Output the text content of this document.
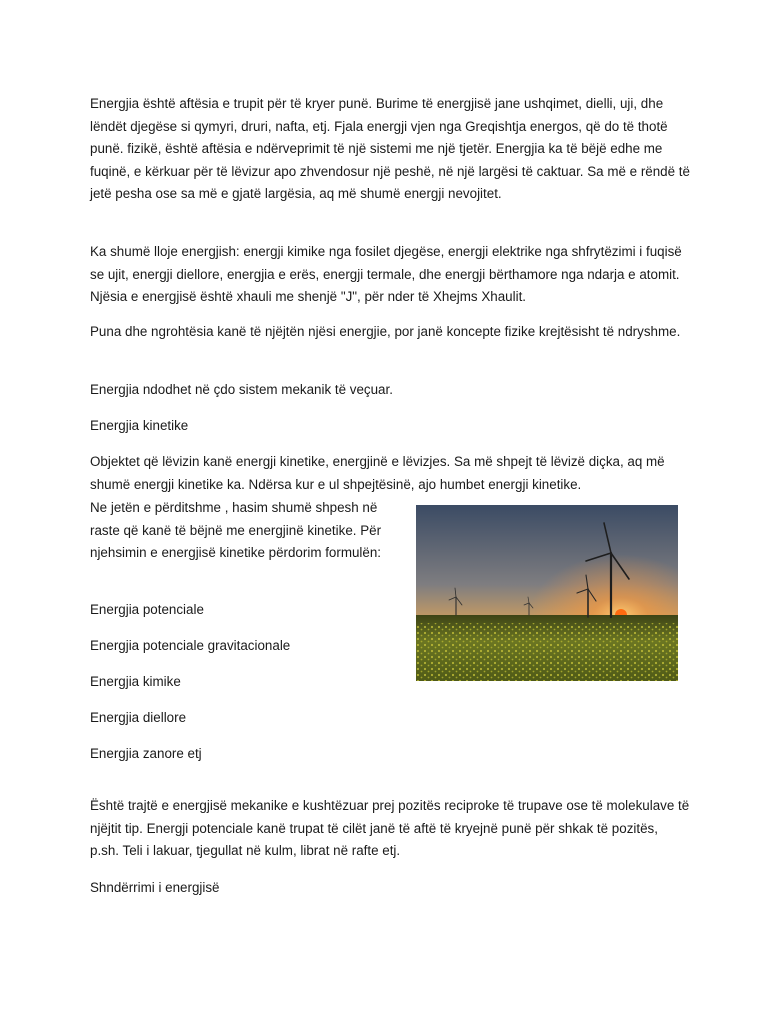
Energjia është aftësia e trupit për të kryer punë. Burime të energjisë jane ushqimet, dielli, uji, dhe lëndët djegëse si qymyri, druri, nafta, etj. Fjala energji vjen nga Greqishtja energos, që do të thotë punë. fizikë, është aftësia e ndërveprimit të një sistemi me një tjetër. Energjia ka të bëjë edhe me fuqinë, e kërkuar për të lëvizur apo zhvendosur një peshë, në një largësi të caktuar. Sa më e rëndë të jetë pesha ose sa më e gjatë largësia, aq më shumë energji nevojitet.

Ka shumë lloje energjish: energji kimike nga fosilet djegëse, energji elektrike nga shfrytëzimi i fuqisë se ujit, energji diellore, energjia e erës, energji termale, dhe energji bërthamore nga ndarja e atomit. Njësia e energjisë është xhauli me shenjë "J", për nder të Xhejms Xhaulit.

Puna dhe ngrohtësia kanë të njëjtën njësi energjie, por janë koncepte fizike krejtësisht të ndryshme.

Energjia ndodhet në çdo sistem mekanik të veçuar.

Energjia kinetike

Objektet që lëvizin kanë energji kinetike, energjinë e lëvizjes. Sa më shpejt të lëvizë diçka, aq më shumë energji kinetike ka. Ndërsa kur e ul shpejtësinë, ajo humbet energji kinetike.

Ne jetën e përditshme , hasim shumë shpesh në raste që kanë të bëjnë me energjinë kinetike. Për njehsimin e energjisë kinetike përdorim formulën:

Energjia potenciale

Energjia potenciale gravitacionale

Energjia kimike

Energjia diellore

Energjia zanore etj

Është trajtë e energjisë mekanike e kushtëzuar prej pozitës reciproke të trupave ose të molekulave të njëjtit tip. Energji potenciale kanë trupat të cilët janë të aftë të kryejnë punë për shkak të pozitës, p.sh. Teli i lakuar, tjegullat në kulm, librat në rafte etj.

Shndërrimi i energjisë
